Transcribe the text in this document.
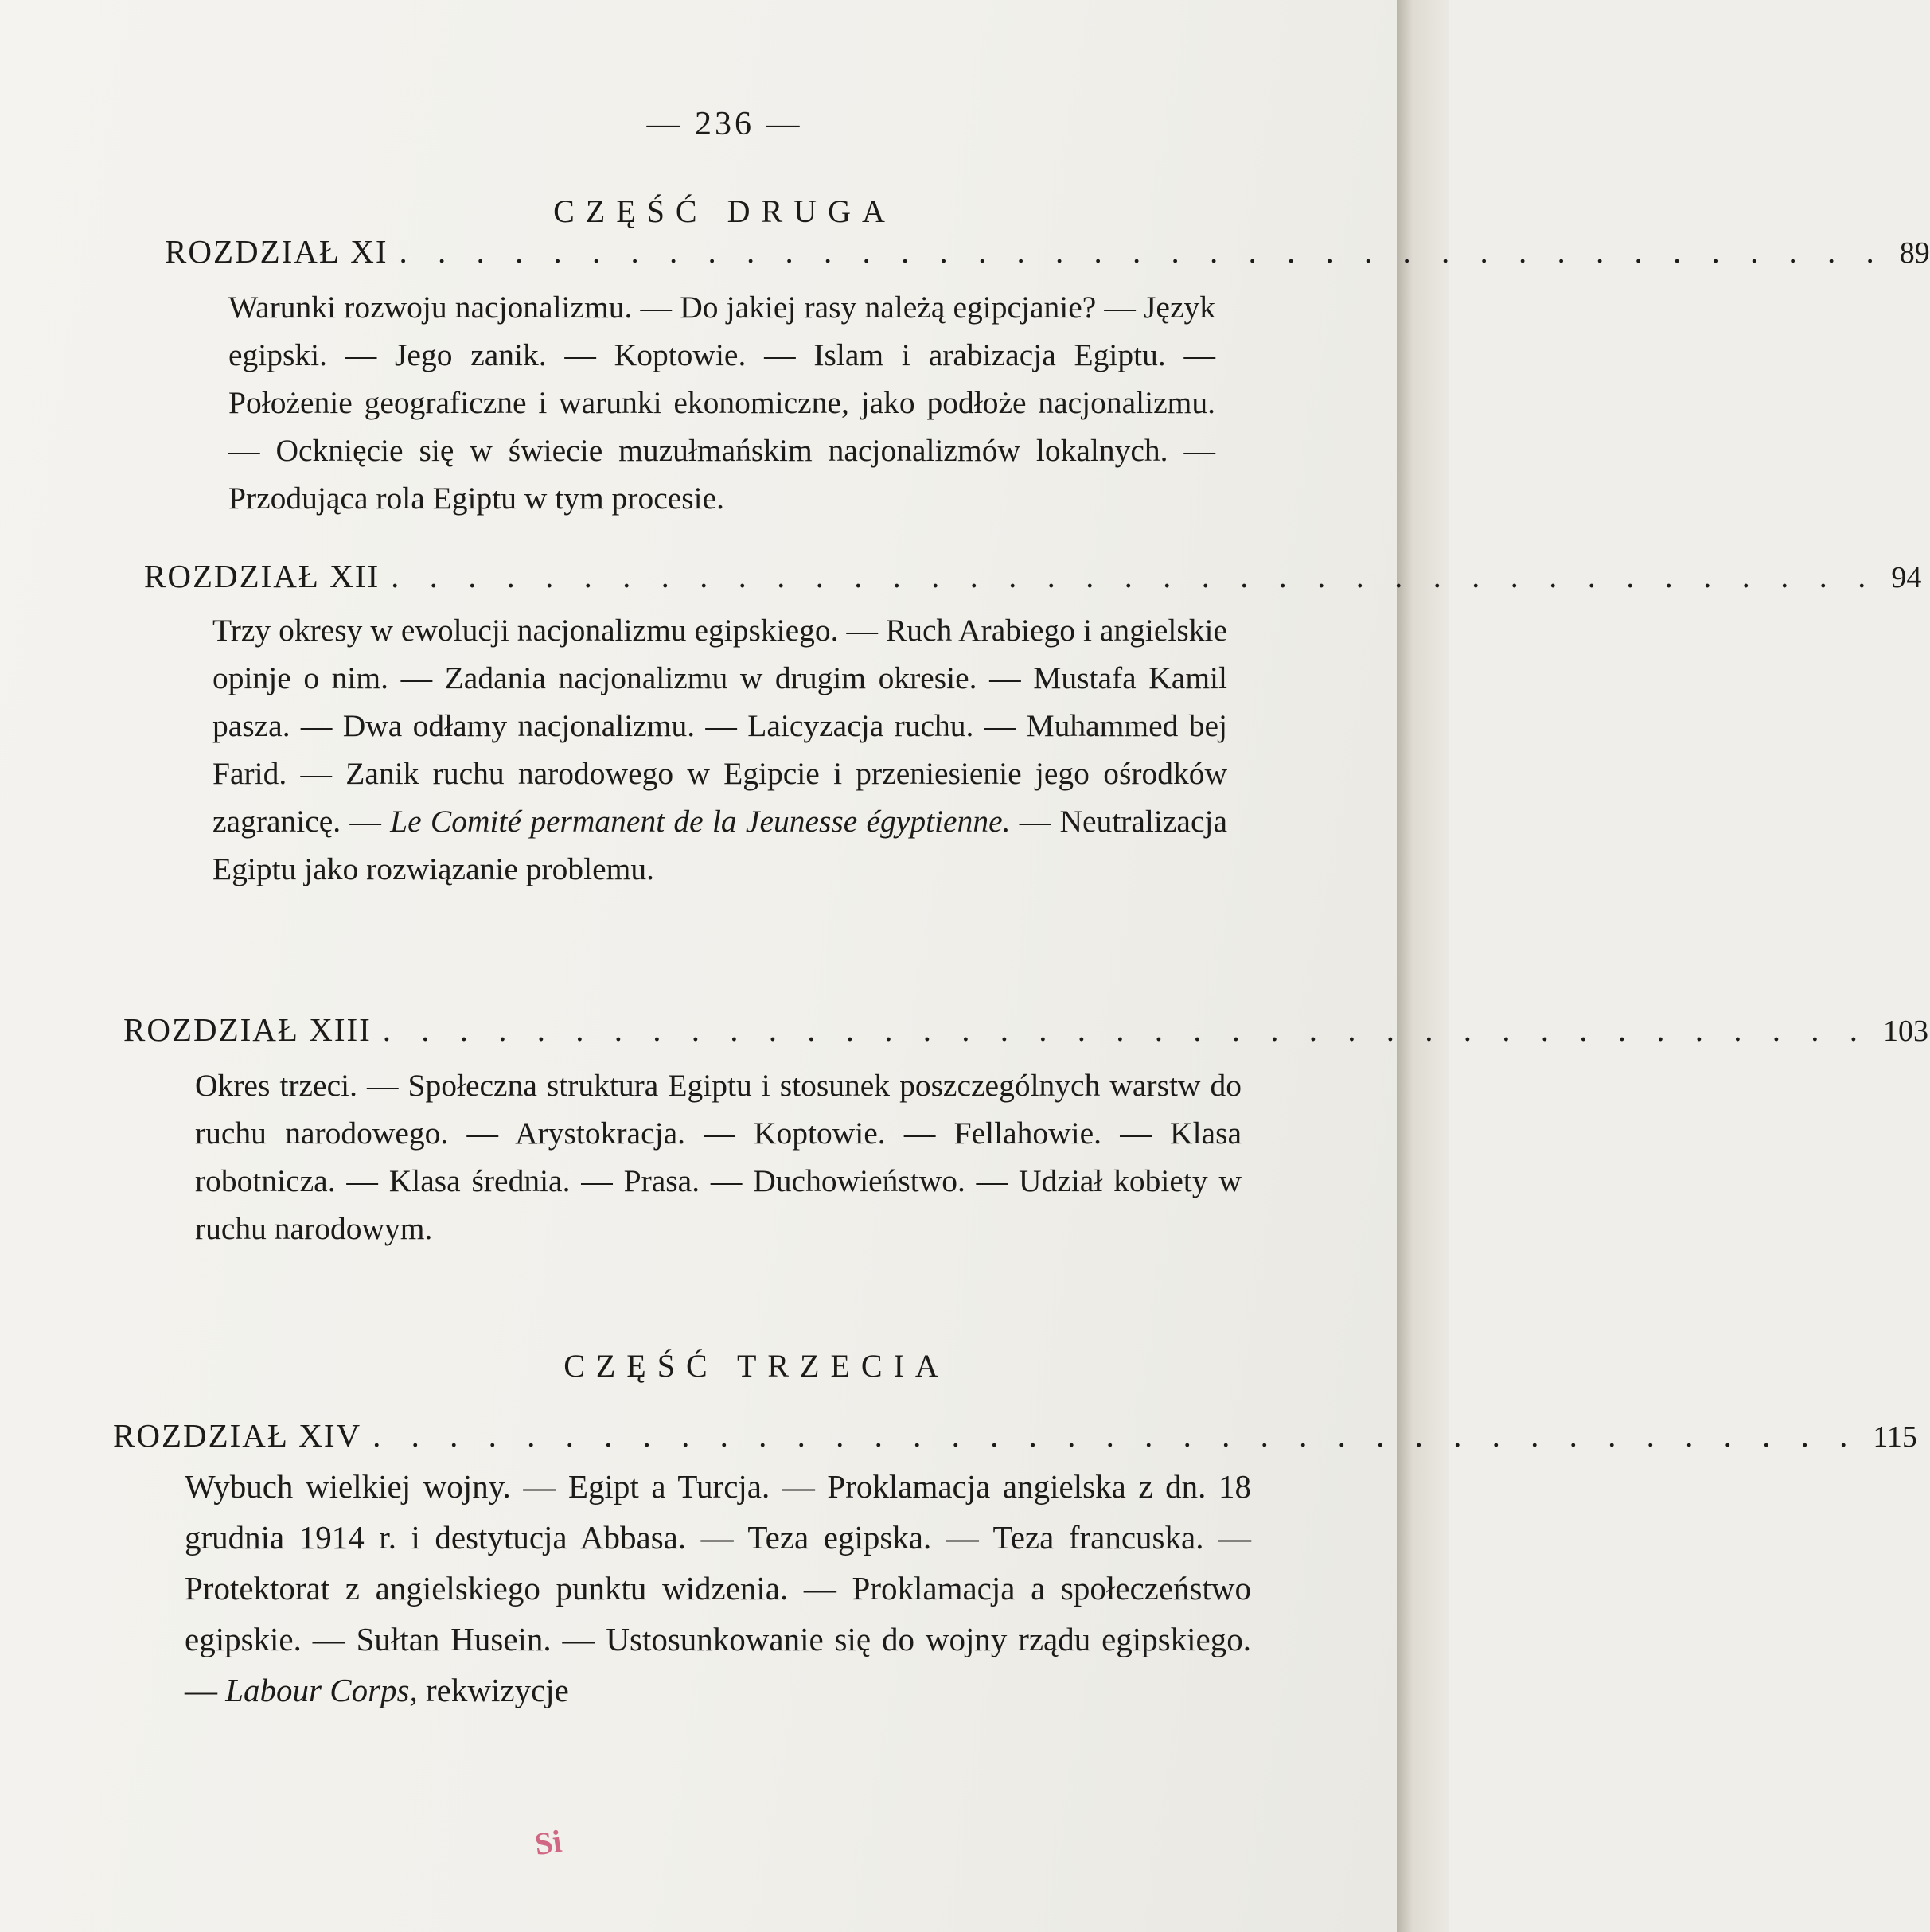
— 236 —
CZĘŚĆ DRUGA
ROZDZIAŁ XI . . . . . . . . . . . . . . . . . . . . . . . . . . . . . . . . . . . . . . . 89
Warunki rozwoju nacjonalizmu. — Do jakiej rasy należą egipcjanie? — Język egipski. — Jego zanik. — Koptowie. — Islam i arabizacja Egiptu. — Położenie geograficzne i warunki ekonomiczne, jako podłoże nacjonalizmu. — Ocknięcie się w świecie muzułmańskim nacjonalizmów lokalnych. — Przodująca rola Egiptu w tym procesie.
ROZDZIAŁ XII . . . . . . . . . . . . . . . . . . . . . . . . . . . . . . . . . . . . . . . 94
Trzy okresy w ewolucji nacjonalizmu egipskiego. — Ruch Arabiego i angielskie opinje o nim. — Zadania nacjonalizmu w drugim okresie. — Mustafa Kamil pasza. — Dwa odłamy nacjonalizmu. — Laicyzacja ruchu. — Muhammed bej Farid. — Zanik ruchu narodowego w Egipcie i przeniesienie jego ośrodków zagranicę. — Le Comité permanent de la Jeunesse égyptienne. — Neutralizacja Egiptu jako rozwiązanie problemu.
ROZDZIAŁ XIII . . . . . . . . . . . . . . . . . . . . . . . . . . . . . . . . . . . . . . . 103
Okres trzeci. — Społeczna struktura Egiptu i stosunek poszczególnych warstw do ruchu narodowego. — Arystokracja. — Koptowie. — Fellahowie. — Klasa robotnicza. — Klasa średnia. — Prasa. — Duchowieństwo. — Udział kobiety w ruchu narodowym.
CZĘŚĆ TRZECIA
ROZDZIAŁ XIV . . . . . . . . . . . . . . . . . . . . . . . . . . . . . . . . . . . . . . . 115
Wybuch wielkiej wojny. — Egipt a Turcja. — Proklamacja angielska z dn. 18 grudnia 1914 r. i destytucja Abbasa. — Teza egipska. — Teza francuska. — Protektorat z angielskiego punktu widzenia. — Proklamacja a społeczeństwo egipskie. — Sułtan Husein. — Ustosunkowanie się do wojny rządu egipskiego. — Labour Corps, rekwizycje
Si
